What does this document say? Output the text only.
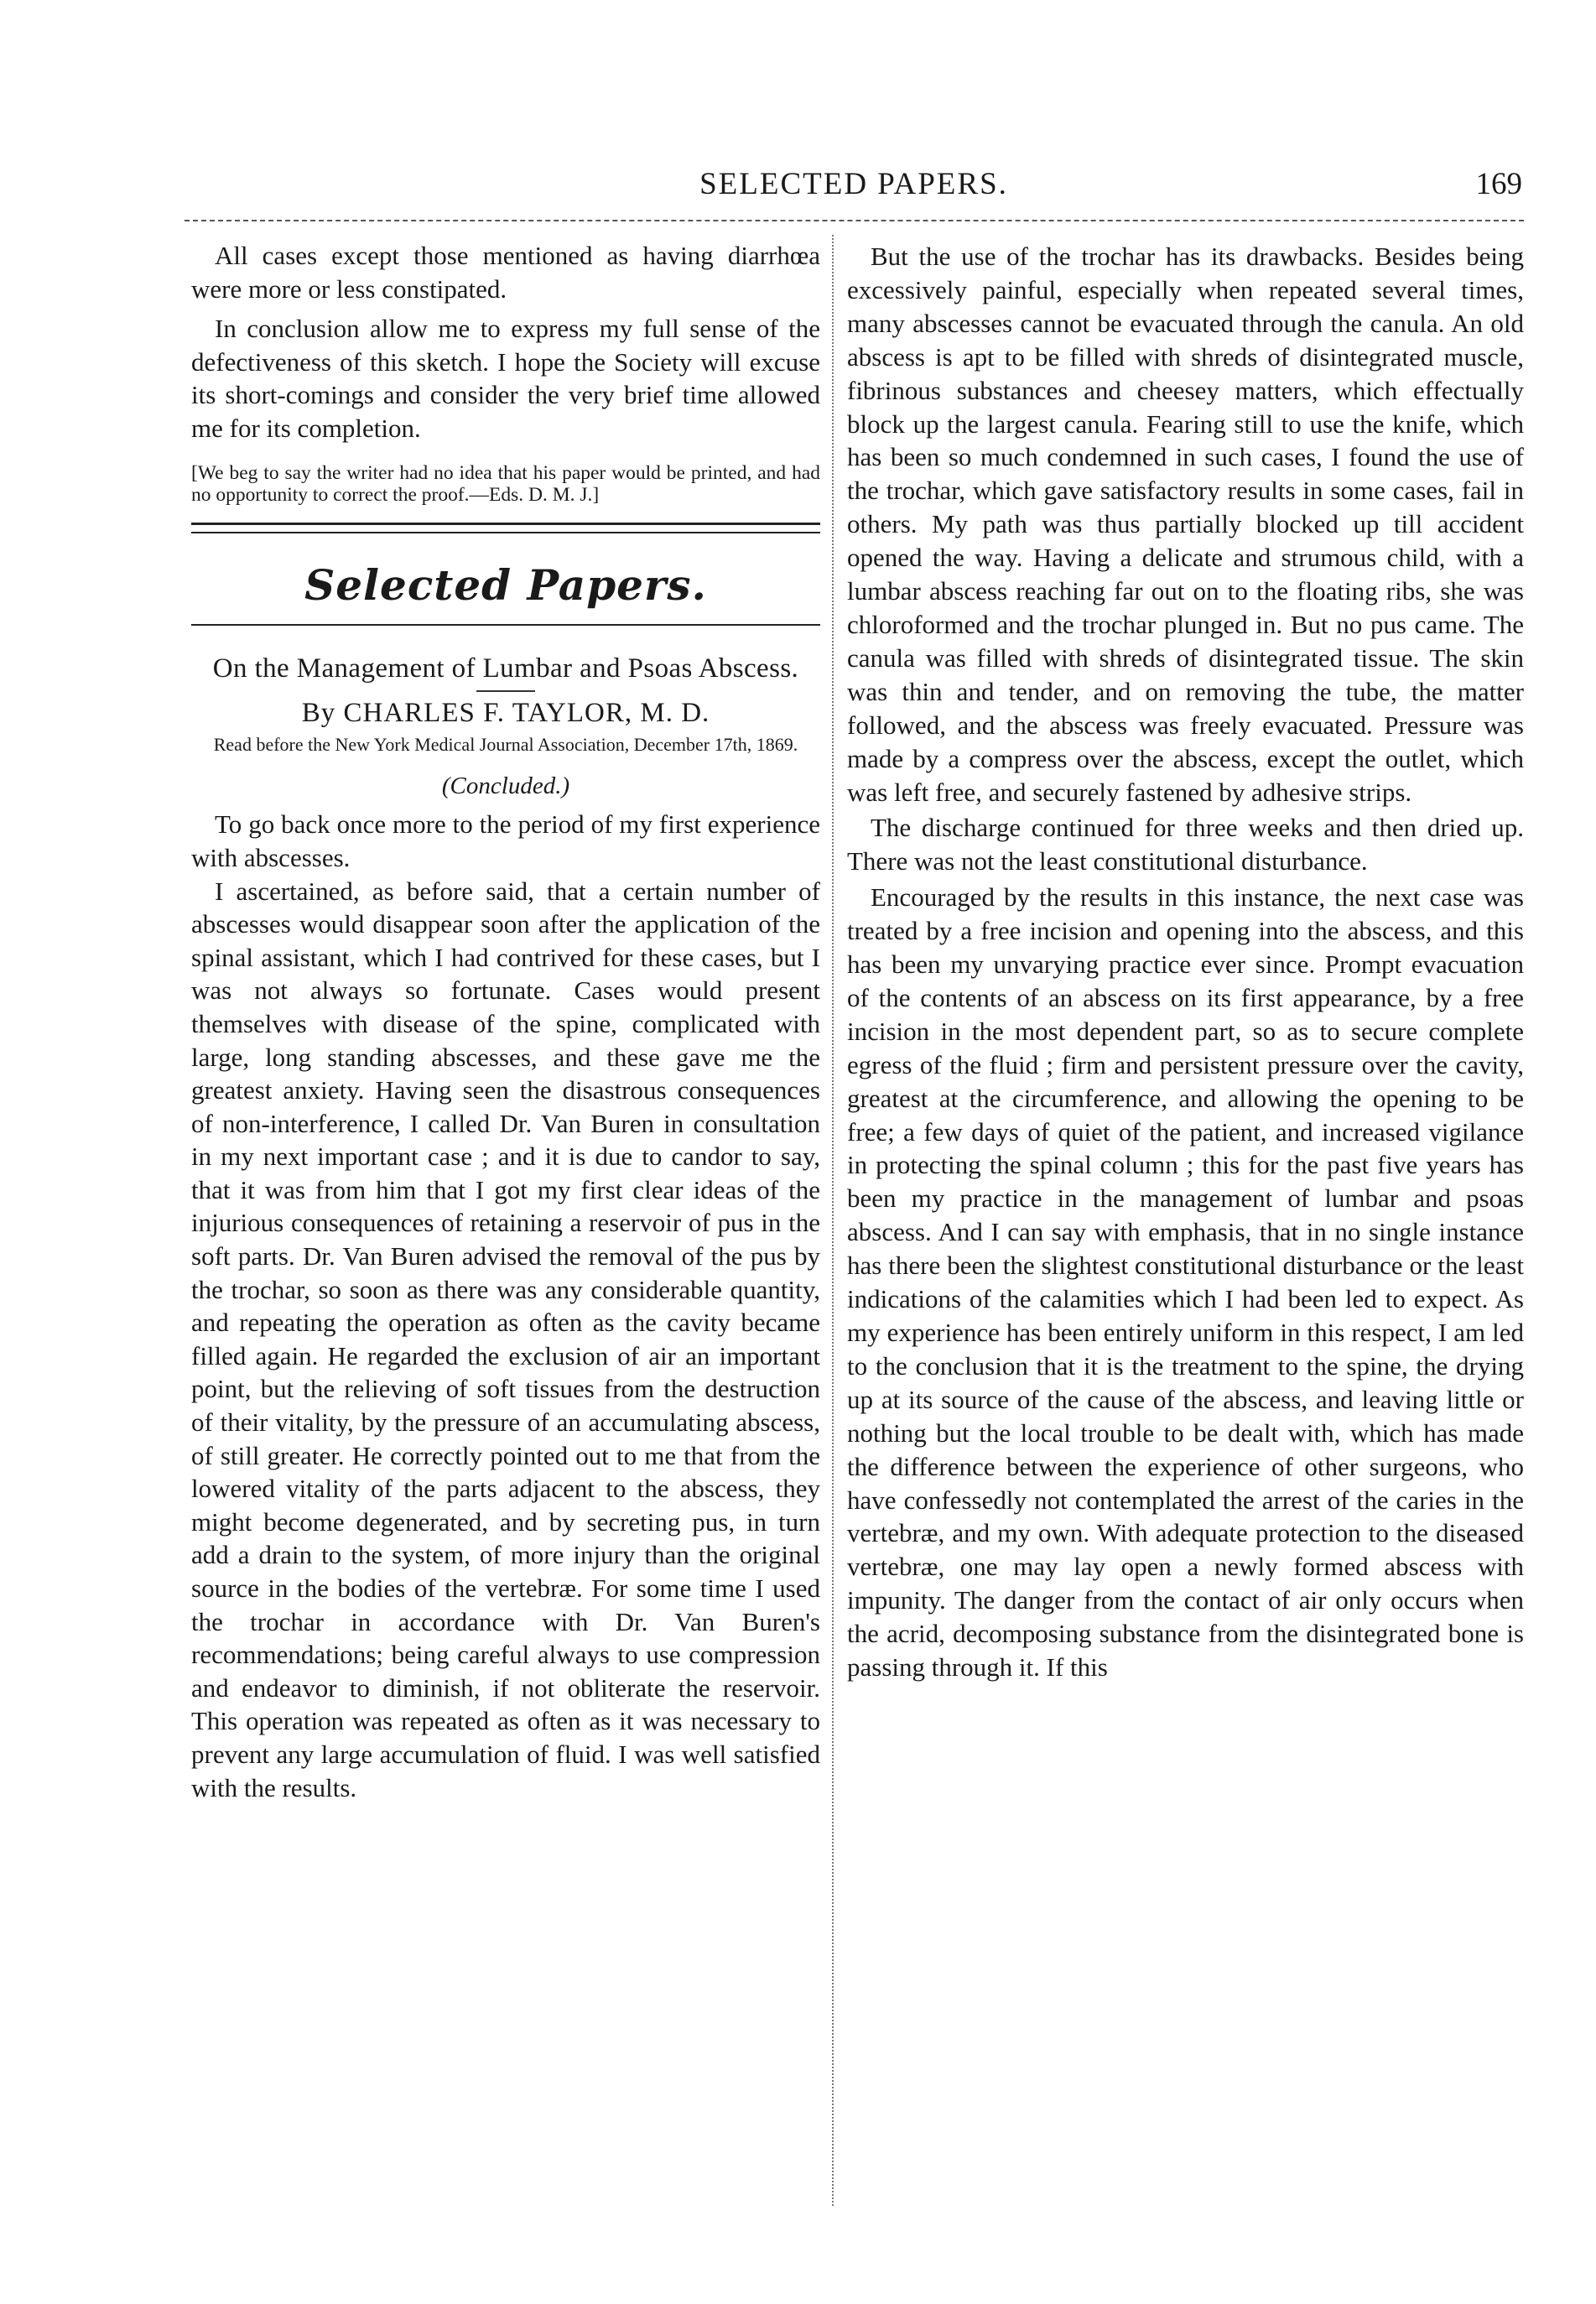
SELECTED PAPERS.	169

All cases except those mentioned as having diarrhœa were more or less constipated.

In conclusion allow me to express my full sense of the defectiveness of this sketch. I hope the Society will excuse its short-comings and consider the very brief time allowed me for its completion.

[We beg to say the writer had no idea that his paper would be printed, and had no opportunity to correct the proof.—Eds. D. M. J.]

Selected Papers.
On the Management of Lumbar and Psoas Abscess.
By CHARLES F. TAYLOR, M. D.
Read before the New York Medical Journal Association, December 17th, 1869.
(Concluded.)

To go back once more to the period of my first experience with abscesses.

I ascertained, as before said, that a certain number of abscesses would disappear soon after the application of the spinal assistant, which I had contrived for these cases, but I was not always so fortunate. Cases would present themselves with disease of the spine, complicated with large, long standing abscesses, and these gave me the greatest anxiety. Having seen the disastrous consequences of non-interference, I called Dr. Van Buren in consultation in my next important case ; and it is due to candor to say, that it was from him that I got my first clear ideas of the injurious consequences of retaining a reservoir of pus in the soft parts. Dr. Van Buren advised the removal of the pus by the trochar, so soon as there was any considerable quantity, and repeating the operation as often as the cavity became filled again. He regarded the exclusion of air an important point, but the relieving of soft tissues from the destruction of their vitality, by the pressure of an accumulating abscess, of still greater. He correctly pointed out to me that from the lowered vitality of the parts adjacent to the abscess, they might become degenerated, and by secreting pus, in turn add a drain to the system, of more injury than the original source in the bodies of the vertebræ. For some time I used the trochar in accordance with Dr. Van Buren's recommendations; being careful always to use compression and endeavor to diminish, if not obliterate the reservoir. This operation was repeated as often as it was necessary to prevent any large accumulation of fluid. I was well satisfied with the results.

But the use of the trochar has its drawbacks. Besides being excessively painful, especially when repeated several times, many abscesses cannot be evacuated through the canula. An old abscess is apt to be filled with shreds of disintegrated muscle, fibrinous substances and cheesey matters, which effectually block up the largest canula. Fearing still to use the knife, which has been so much condemned in such cases, I found the use of the trochar, which gave satisfactory results in some cases, fail in others. My path was thus partially blocked up till accident opened the way. Having a delicate and strumous child, with a lumbar abscess reaching far out on to the floating ribs, she was chloroformed and the trochar plunged in. But no pus came. The canula was filled with shreds of disintegrated tissue. The skin was thin and tender, and on removing the tube, the matter followed, and the abscess was freely evacuated. Pressure was made by a compress over the abscess, except the outlet, which was left free, and securely fastened by adhesive strips.

The discharge continued for three weeks and then dried up. There was not the least constitutional disturbance.

Encouraged by the results in this instance, the next case was treated by a free incision and opening into the abscess, and this has been my unvarying practice ever since. Prompt evacuation of the contents of an abscess on its first appearance, by a free incision in the most dependent part, so as to secure complete egress of the fluid ; firm and persistent pressure over the cavity, greatest at the circumference, and allowing the opening to be free; a few days of quiet of the patient, and increased vigilance in protecting the spinal column ; this for the past five years has been my practice in the management of lumbar and psoas abscess. And I can say with emphasis, that in no single instance has there been the slightest constitutional disturbance or the least indications of the calamities which I had been led to expect. As my experience has been entirely uniform in this respect, I am led to the conclusion that it is the treatment to the spine, the drying up at its source of the cause of the abscess, and leaving little or nothing but the local trouble to be dealt with, which has made the difference between the experience of other surgeons, who have confessedly not contemplated the arrest of the caries in the vertebræ, and my own. With adequate protection to the diseased vertebræ, one may lay open a newly formed abscess with impunity. The danger from the contact of air only occurs when the acrid, decomposing substance from the disintegrated bone is passing through it. If this
